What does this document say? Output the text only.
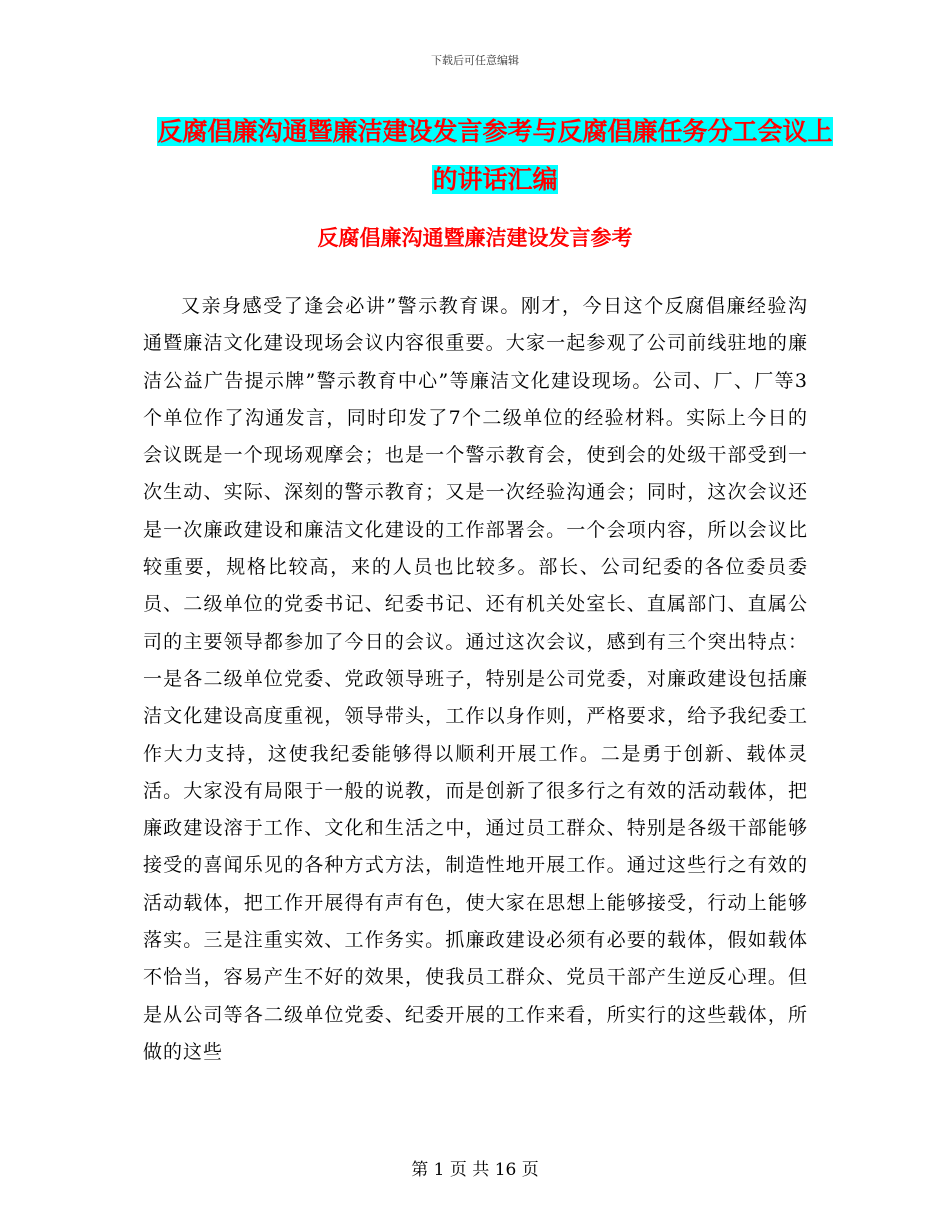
下载后可任意编辑
反腐倡廉沟通暨廉洁建设发言参考与反腐倡廉任务分工会议上的讲话汇编
反腐倡廉沟通暨廉洁建设发言参考

又亲身感受了逢会必讲”警示教育课。刚才，今日这个反腐倡廉经验沟通暨廉洁文化建设现场会议内容很重要。大家一起参观了公司前线驻地的廉洁公益广告提示牌”警示教育中心”等廉洁文化建设现场。公司、厂、厂等3个单位作了沟通发言，同时印发了7个二级单位的经验材料。实际上今日的会议既是一个现场观摩会；也是一个警示教育会，使到会的处级干部受到一次生动、实际、深刻的警示教育；又是一次经验沟通会；同时，这次会议还是一次廉政建设和廉洁文化建设的工作部署会。一个会项内容，所以会议比较重要，规格比较高，来的人员也比较多。部长、公司纪委的各位委员委员、二级单位的党委书记、纪委书记、还有机关处室长、直属部门、直属公司的主要领导都参加了今日的会议。通过这次会议，感到有三个突出特点：一是各二级单位党委、党政领导班子，特别是公司党委，对廉政建设包括廉洁文化建设高度重视，领导带头，工作以身作则，严格要求，给予我纪委工作大力支持，这使我纪委能够得以顺利开展工作。二是勇于创新、载体灵活。大家没有局限于一般的说教，而是创新了很多行之有效的活动载体，把廉政建设溶于工作、文化和生活之中，通过员工群众、特别是各级干部能够接受的喜闻乐见的各种方式方法，制造性地开展工作。通过这些行之有效的活动载体，把工作开展得有声有色，使大家在思想上能够接受，行动上能够落实。三是注重实效、工作务实。抓廉政建设必须有必要的载体，假如载体不恰当，容易产生不好的效果，使我员工群众、党员干部产生逆反心理。但是从公司等各二级单位党委、纪委开展的工作来看，所实行的这些载体，所做的这些

第 1 页 共 16 页
